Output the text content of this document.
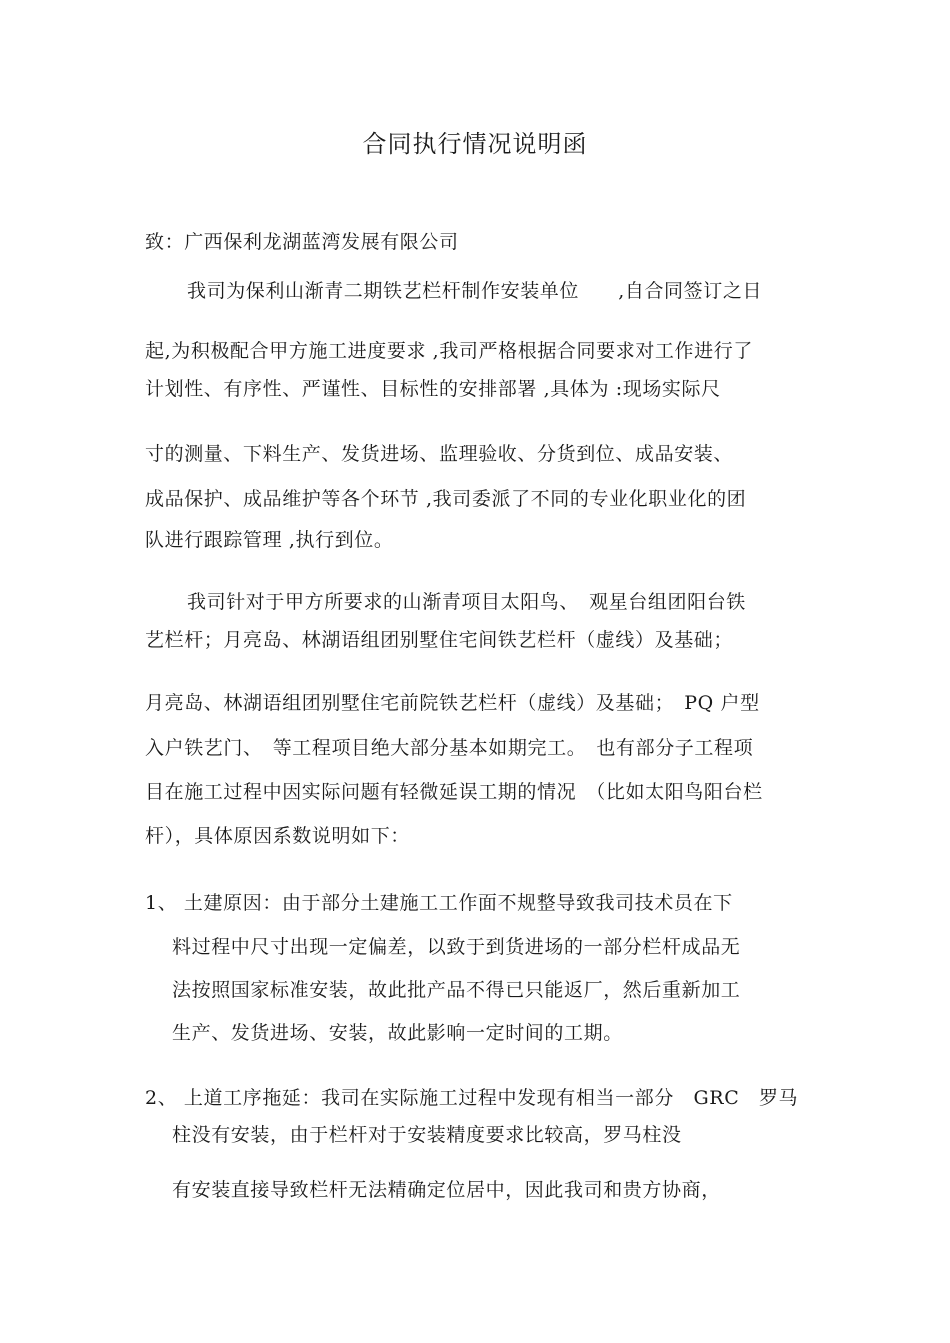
合同执行情况说明函
致：广西保利龙湖蓝湾发展有限公司
我司为保利山渐青二期铁艺栏杆制作安装单位　　,自合同签订之日
起,为积极配合甲方施工进度要求 ,我司严格根据合同要求对工作进行了
计划性、有序性、严谨性、目标性的安排部署 ,具体为 :现场实际尺
寸的测量、下料生产、发货进场、监理验收、分货到位、成品安装、
成品保护、成品维护等各个环节 ,我司委派了不同的专业化职业化的团
队进行跟踪管理 ,执行到位。
我司针对于甲方所要求的山渐青项目太阳鸟、　观星台组团阳台铁
艺栏杆；月亮岛、林湖语组团别墅住宅间铁艺栏杆（虚线）及基础；
月亮岛、林湖语组团别墅住宅前院铁艺栏杆（虚线）及基础；　PQ 户型
入户铁艺门、　等工程项目绝大部分基本如期完工。　也有部分子工程项
目在施工过程中因实际问题有轻微延误工期的情况　（比如太阳鸟阳台栏
杆），具体原因系数说明如下：
1、 土建原因：由于部分土建施工工作面不规整导致我司技术员在下
料过程中尺寸出现一定偏差，以致于到货进场的一部分栏杆成品无
法按照国家标准安装，故此批产品不得已只能返厂，然后重新加工
生产、发货进场、安装，故此影响一定时间的工期。
2、 上道工序拖延：我司在实际施工过程中发现有相当一部分　GRC　罗马
柱没有安装，由于栏杆对于安装精度要求比较高，罗马柱没
有安装直接导致栏杆无法精确定位居中，因此我司和贵方协商，
